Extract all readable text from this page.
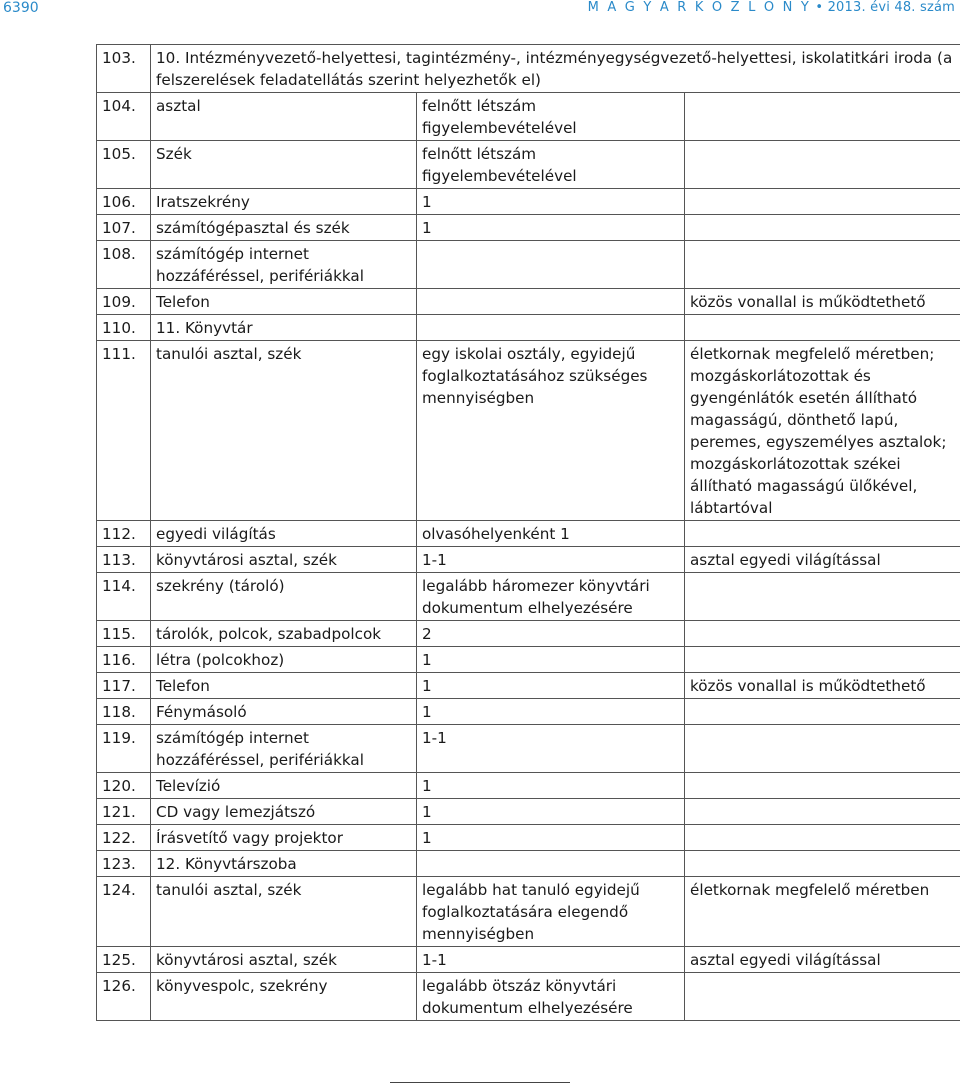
6390	M A G Y A R K Ö Z L Ö N Y • 2013. évi 48. szám
103.	10. Intézményvezető-helyettesi, tagintézmény-, intézményegységvezető-helyettesi, iskolatitkári iroda (a felszerelések feladatellátás szerint helyezhetők el)		
104.	asztal	felnőtt létszám figyelembevételével	
105.	Szék	felnőtt létszám figyelembevételével	
106.	Iratszekrény	1	
107.	számítógépasztal és szék	1	
108.	számítógép internet hozzáféréssel, perifériákkal		
109.	Telefon		közös vonallal is működtethető
110.	11. Könyvtár		
111.	tanulói asztal, szék	egy iskolai osztály, egyidejű foglalkoztatásához szükséges mennyiségben	életkornak megfelelő méretben; mozgáskorlátozottak és gyengénlátók esetén állítható magasságú, dönthető lapú, peremes, egyszemélyes asztalok; mozgáskorlátozottak székei állítható magasságú ülőkével, lábtartóval
112.	egyedi világítás	olvasóhelyenként 1	
113.	könyvtárosi asztal, szék	1-1	asztal egyedi világítással
114.	szekrény (tároló)	legalább háromezer könyvtári dokumentum elhelyezésére	
115.	tárolók, polcok, szabadpolcok	2	
116.	létra (polcokhoz)	1	
117.	Telefon	1	közös vonallal is működtethető
118.	Fénymásoló	1	
119.	számítógép internet hozzáféréssel, perifériákkal	1-1	
120.	Televízió	1	
121.	CD vagy lemezjátszó	1	
122.	Írásvetítő vagy projektor	1	
123.	12. Könyvtárszoba		
124.	tanulói asztal, szék	legalább hat tanuló egyidejű foglalkoztatására elegendő mennyiségben	életkornak megfelelő méretben
125.	könyvtárosi asztal, szék	1-1	asztal egyedi világítással
126.	könyvespolc, szekrény	legalább ötszáz könyvtári dokumentum elhelyezésére	
